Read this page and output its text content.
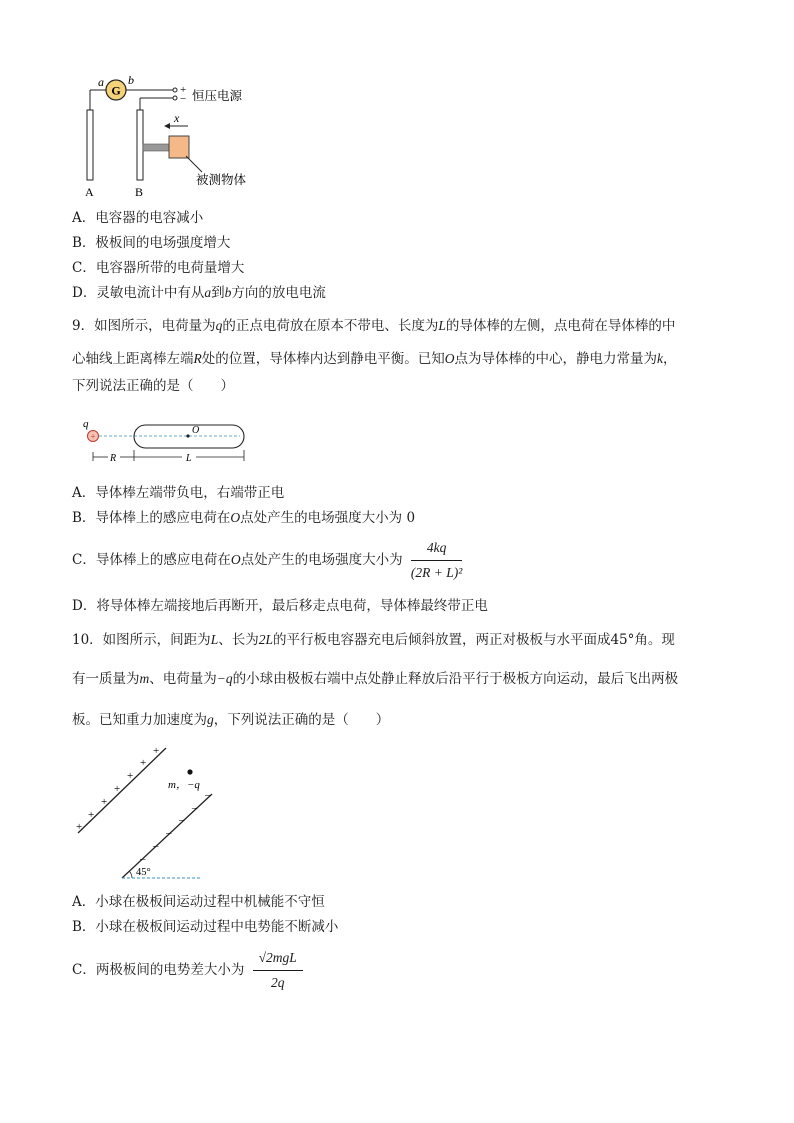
G
a b
+
− 恒压电源
A	B
x
被测物体
A．电容器的电容减小
B．极板间的电场强度增大
C．电容器所带的电荷量增大
D．灵敏电流计中有从a到b方向的放电电流
9．如图所示，电荷量为q的正点电荷放在原本不带电、长度为L的导体棒的左侧，点电荷在导体棒的中
心轴线上距离棒左端R处的位置，导体棒内达到静电平衡。已知O点为导体棒的中心，静电力常量为k，
下列说法正确的是（　　）
q
+
O
R	L
A．导体棒左端带负电，右端带正电
B．导体棒上的感应电荷在O点处产生的电场强度大小为 0
C．导体棒上的感应电荷在O点处产生的电场强度大小为 $\frac{4kq}{\text{(2R + L)²}}$
D．将导体棒左端接地后再断开，最后移走点电荷，导体棒最终带正电
10．如图所示，间距为L、长为2L的平行板电容器充电后倾斜放置，两正对极板与水平面成45°角。现
有一质量为m、电荷量为−q的小球由极板右端中点处静止释放后沿平行于极板方向运动，最后飞出两极
板。已知重力加速度为g，下列说法正确的是（　　）
+
+
+
+
+
+
+
–
–
–
–
–
–
m，−q
45°
A．小球在极板间运动过程中机械能不守恒
B．小球在极板间运动过程中电势能不断减小
C．两极板间的电势差大小为 $\frac{\text{√2mgL}}{2q}$
